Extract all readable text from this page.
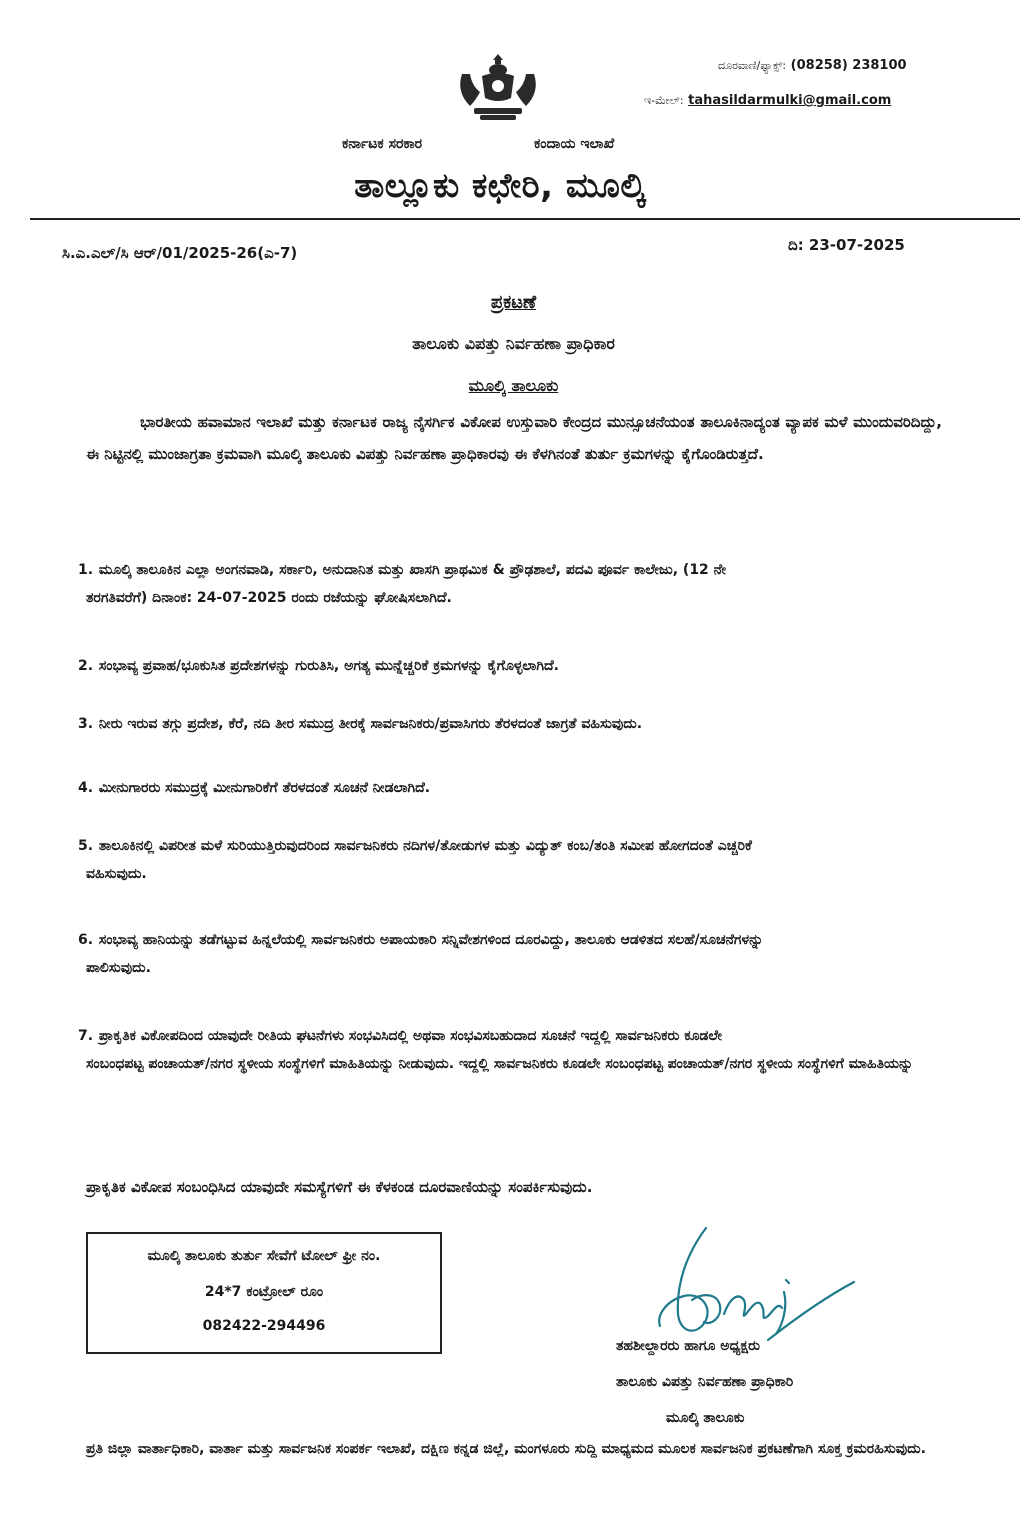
ದೂರವಾಣಿ/ಫ್ಯಾಕ್ಸ್: (08258) 238100
ಇ-ಮೇಲ್: tahasildarmulki@gmail.com
ಕರ್ನಾಟಕ ಸರಕಾರ	ಕಂದಾಯ ಇಲಾಖೆ
ತಾಲ್ಲೂಕು ಕಛೇರಿ, ಮೂಲ್ಕಿ
ಸಿ.ಎ.ಎಲ್/ಸಿ ಆರ್/01/2025-26(ಎ-7)	ದಿ: 23-07-2025
ಪ್ರಕಟಣೆ
ತಾಲೂಕು ವಿಪತ್ತು ನಿರ್ವಹಣಾ ಪ್ರಾಧಿಕಾರ
ಮೂಲ್ಕಿ ತಾಲೂಕು
ಭಾರತೀಯ ಹವಾಮಾನ ಇಲಾಖೆ ಮತ್ತು ಕರ್ನಾಟಕ ರಾಜ್ಯ ನೈಸರ್ಗಿಕ ವಿಕೋಪ ಉಸ್ತುವಾರಿ ಕೇಂದ್ರದ ಮುನ್ಸೂಚನೆಯಂತ ತಾಲೂಕಿನಾದ್ಯಂತ ವ್ಯಾಪಕ ಮಳೆ ಮುಂದುವರಿದಿದ್ದು, ಈ ನಿಟ್ಟಿನಲ್ಲಿ ಮುಂಜಾಗ್ರತಾ ಕ್ರಮವಾಗಿ ಮೂಲ್ಕಿ ತಾಲೂಕು ವಿಪತ್ತು ನಿರ್ವಹಣಾ ಪ್ರಾಧಿಕಾರವು ಈ ಕೆಳಗಿನಂತೆ ತುರ್ತು ಕ್ರಮಗಳನ್ನು ಕೈಗೊಂಡಿರುತ್ತದೆ.
1. ಮೂಲ್ಕಿ ತಾಲೂಕಿನ ಎಲ್ಲಾ ಅಂಗನವಾಡಿ, ಸರ್ಕಾರಿ, ಅನುದಾನಿತ ಮತ್ತು ಖಾಸಗಿ ಪ್ರಾಥಮಿಕ & ಪ್ರೌಢಶಾಲೆ, ಪದವಿ ಪೂರ್ವ ಕಾಲೇಜು, (12 ನೇ
ತರಗತಿವರೆಗೆ) ದಿನಾಂಕ: 24-07-2025 ರಂದು ರಜೆಯನ್ನು ಘೋಷಿಸಲಾಗಿದೆ.
2. ಸಂಭಾವ್ಯ ಪ್ರವಾಹ/ಭೂಕುಸಿತ ಪ್ರದೇಶಗಳನ್ನು ಗುರುತಿಸಿ, ಅಗತ್ಯ ಮುನ್ನೆಚ್ಚರಿಕೆ ಕ್ರಮಗಳನ್ನು ಕೈಗೊಳ್ಳಲಾಗಿದೆ.
3. ನೀರು ಇರುವ ತಗ್ಗು ಪ್ರದೇಶ, ಕೆರೆ, ನದಿ ತೀರ ಸಮುದ್ರ ತೀರಕ್ಕೆ ಸಾರ್ವಜನಿಕರು/ಪ್ರವಾಸಿಗರು ತೆರಳದಂತೆ ಜಾಗ್ರತೆ ವಹಿಸುವುದು.
4. ಮೀನುಗಾರರು ಸಮುದ್ರಕ್ಕೆ ಮೀನುಗಾರಿಕೆಗೆ ತೆರಳದಂತೆ ಸೂಚನೆ ನೀಡಲಾಗಿದೆ.
5. ತಾಲೂಕಿನಲ್ಲಿ ವಿಪರೀತ ಮಳೆ ಸುರಿಯುತ್ತಿರುವುದರಿಂದ ಸಾರ್ವಜನಿಕರು ನದಿಗಳ/ತೋಡುಗಳ ಮತ್ತು ವಿದ್ಯುತ್ ಕಂಬ/ತಂತಿ ಸಮೀಪ ಹೋಗದಂತೆ ಎಚ್ಚರಿಕೆ
ವಹಿಸುವುದು.
6. ಸಂಭಾವ್ಯ ಹಾನಿಯನ್ನು ತಡೆಗಟ್ಟುವ ಹಿನ್ನಲೆಯಲ್ಲಿ ಸಾರ್ವಜನಿಕರು ಅಪಾಯಕಾರಿ ಸನ್ನಿವೇಶಗಳಿಂದ ದೂರವಿದ್ದು, ತಾಲೂಕು ಆಡಳಿತದ ಸಲಹೆ/ಸೂಚನೆಗಳನ್ನು
ಪಾಲಿಸುವುದು.
7. ಪ್ರಾಕೃತಿಕ ವಿಕೋಪದಿಂದ ಯಾವುದೇ ರೀತಿಯ ಘಟನೆಗಳು ಸಂಭವಿಸಿದಲ್ಲಿ ಅಥವಾ ಸಂಭವಿಸಬಹುದಾದ ಸೂಚನೆ ಇದ್ದಲ್ಲಿ ಸಾರ್ವಜನಿಕರು ಕೂಡಲೇ
ಸಂಬಂಧಪಟ್ಟ ಪಂಚಾಯತ್/ನಗರ ಸ್ಥಳೀಯ ಸಂಸ್ಥೆಗಳಿಗೆ ಮಾಹಿತಿಯನ್ನು ನೀಡುವುದು. ಇದ್ದಲ್ಲಿ ಸಾರ್ವಜನಿಕರು ಕೂಡಲೇ ಸಂಬಂಧಪಟ್ಟ ಪಂಚಾಯತ್/ನಗರ ಸ್ಥಳೀಯ ಸಂಸ್ಥೆಗಳಿಗೆ ಮಾಹಿತಿಯನ್ನು
ಪ್ರಾಕೃತಿಕ ವಿಕೋಪ ಸಂಬಂಧಿಸಿದ ಯಾವುದೇ ಸಮಸ್ಯೆಗಳಿಗೆ ಈ ಕೆಳಕಂಡ ದೂರವಾಣಿಯನ್ನು ಸಂಪರ್ಕಿಸುವುದು.
ಮೂಲ್ಕಿ ತಾಲೂಕು ತುರ್ತು ಸೇವೆಗೆ ಟೋಲ್ ಫ್ರೀ ನಂ.
24*7 ಕಂಟ್ರೋಲ್ ರೂಂ
082422-294496
ತಹಶೀಲ್ದಾರರು ಹಾಗೂ ಅಧ್ಯಕ್ಷರು
ತಾಲೂಕು ವಿಪತ್ತು ನಿರ್ವಹಣಾ ಪ್ರಾಧಿಕಾರಿ
ಮೂಲ್ಕಿ ತಾಲೂಕು
ಪ್ರತಿ ಜಿಲ್ಲಾ ವಾರ್ತಾಧಿಕಾರಿ, ವಾರ್ತಾ ಮತ್ತು ಸಾರ್ವಜನಿಕ ಸಂಪರ್ಕ ಇಲಾಖೆ, ದಕ್ಷಿಣ ಕನ್ನಡ ಜಿಲ್ಲೆ, ಮಂಗಳೂರು ಸುದ್ದಿ ಮಾಧ್ಯಮದ ಮೂಲಕ ಸಾರ್ವಜನಿಕ ಪ್ರಕಟಣೆಗಾಗಿ ಸೂಕ್ತ ಕ್ರಮರಹಿಸುವುದು.
